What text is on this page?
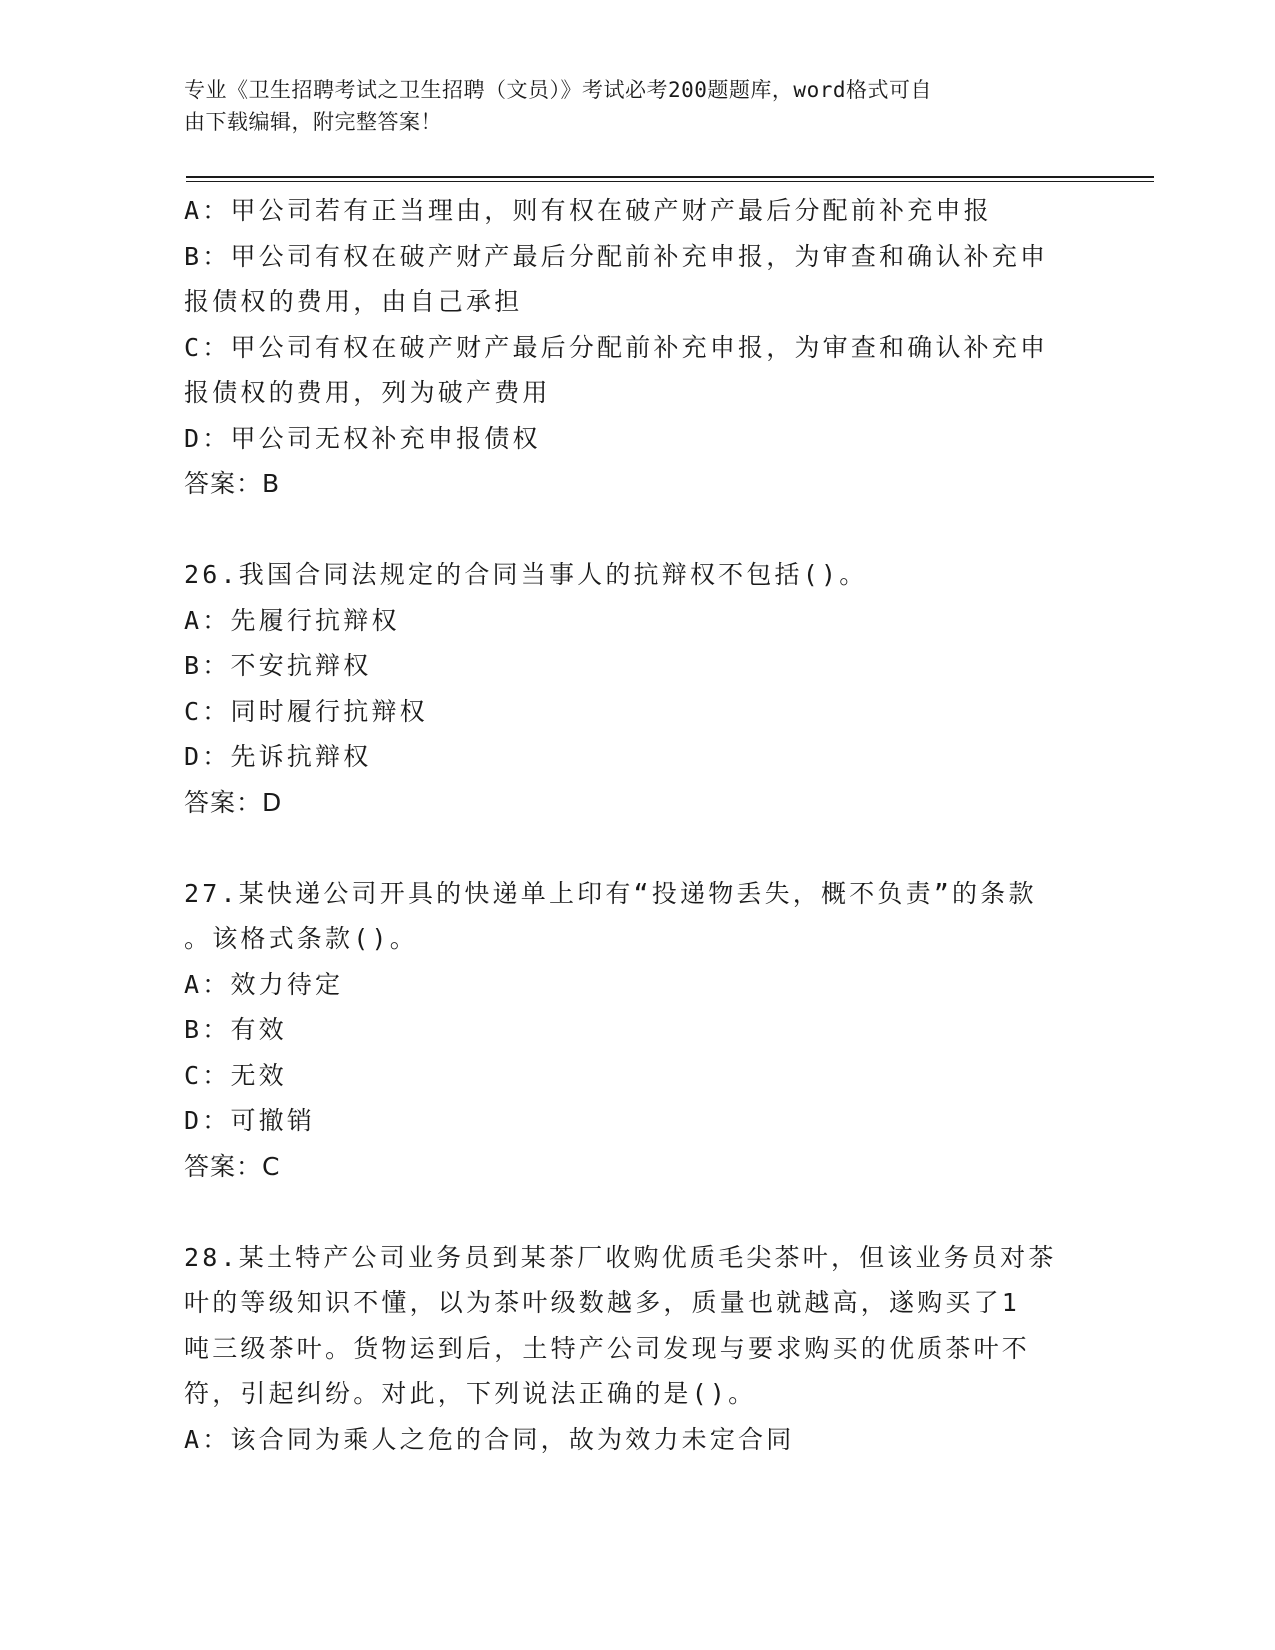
专业《卫生招聘考试之卫生招聘（文员）》考试必考200题题库，word格式可自
由下载编辑，附完整答案！
A：甲公司若有正当理由，则有权在破产财产最后分配前补充申报
B：甲公司有权在破产财产最后分配前补充申报，为审查和确认补充申
报债权的费用，由自己承担
C：甲公司有权在破产财产最后分配前补充申报，为审查和确认补充申
报债权的费用，列为破产费用
D：甲公司无权补充申报债权
答案：B
26.我国合同法规定的合同当事人的抗辩权不包括()。
A：先履行抗辩权
B：不安抗辩权
C：同时履行抗辩权
D：先诉抗辩权
答案：D
27.某快递公司开具的快递单上印有“投递物丢失，概不负责”的条款
。该格式条款()。
A：效力待定
B：有效
C：无效
D：可撤销
答案：C
28.某土特产公司业务员到某茶厂收购优质毛尖茶叶，但该业务员对茶
叶的等级知识不懂，以为茶叶级数越多，质量也就越高，遂购买了1
吨三级茶叶。货物运到后，土特产公司发现与要求购买的优质茶叶不
符，引起纠纷。对此，下列说法正确的是()。
A：该合同为乘人之危的合同，故为效力未定合同
